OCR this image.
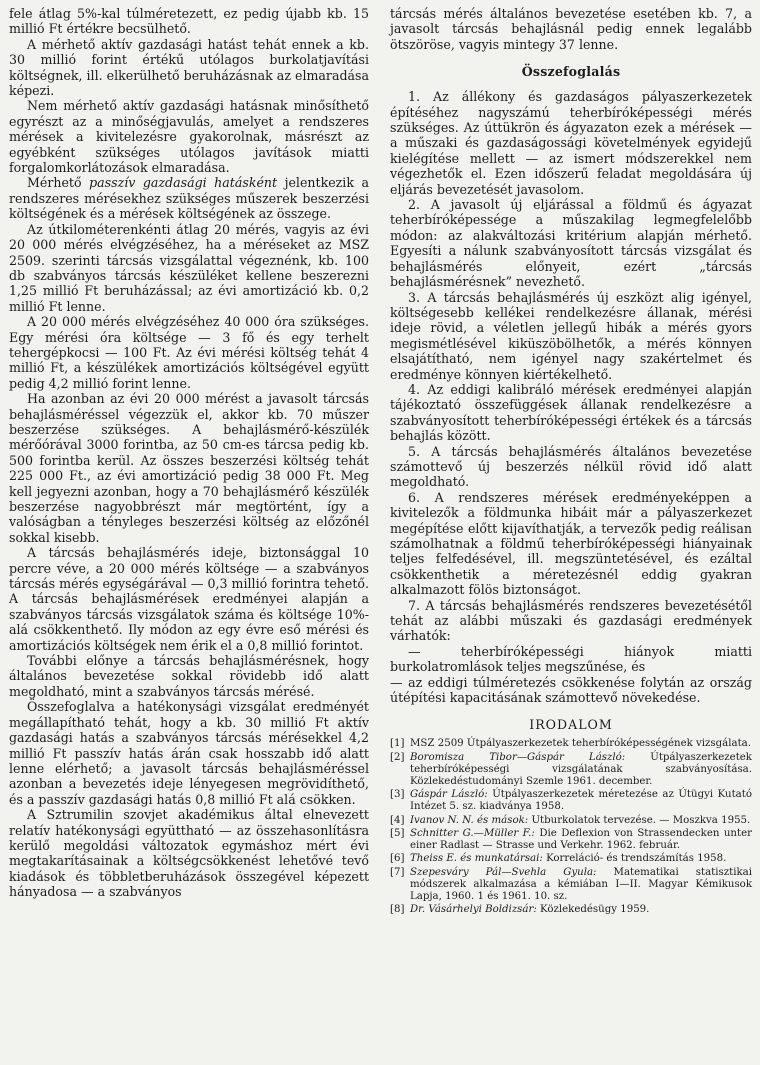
fele átlag 5%-kal túlméretezett, ez pedig újabb kb. 15 millió Ft értékre becsülhető.

A mérhető aktív gazdasági hatást tehát ennek a kb. 30 millió forint értékű utólagos burkolatjavítási költségnek, ill. elkerülhető beruházásnak az elmaradása képezi.

Nem mérhető aktív gazdasági hatásnak minősíthető egyrészt az a minőségjavulás, amelyet a rendszeres mérések a kivitelezésre gyakorolnak, másrészt az egyébként szükséges utólagos javítások miatti forgalomkorlátozások elmaradása.

Mérhető passzív gazdasági hatásként jelentkezik a rendszeres mérésekhez szükséges műszerek beszerzési költségének és a mérések költségének az összege.

Az útkilométerenkénti átlag 20 mérés, vagyis az évi 20 000 mérés elvégzéséhez, ha a méréseket az MSZ 2509. szerinti tárcsás vizsgálattal végeznénk, kb. 100 db szabványos tárcsás készüléket kellene beszerezni 1,25 millió Ft beruházással; az évi amortizáció kb. 0,2 millió Ft lenne.

A 20 000 mérés elvégzéséhez 40 000 óra szükséges. Egy mérési óra költsége — 3 fő és egy terhelt tehergépkocsi — 100 Ft. Az évi mérési költség tehát 4 millió Ft, a készülékek amortizációs költségével együtt pedig 4,2 millió forint lenne.

Ha azonban az évi 20 000 mérést a javasolt tárcsás behajlásméréssel végezzük el, akkor kb. 70 műszer beszerzése szükséges. A behajlásmérő-készülék mérőórával 3000 forintba, az 50 cm-es tárcsa pedig kb. 500 forintba kerül. Az összes beszerzési költség tehát 225 000 Ft., az évi amortizáció pedig 38 000 Ft. Meg kell jegyezni azonban, hogy a 70 behajlásmérő készülék beszerzése nagyobbrészt már megtörtént, így a valóságban a tényleges beszerzési költség az előzőnél sokkal kisebb.

A tárcsás behajlásmérés ideje, biztonsággal 10 percre véve, a 20 000 mérés költsége — a szabványos tárcsás mérés egységárával — 0,3 millió forintra tehető. A tárcsás behajlásmérések eredményei alapján a szabványos tárcsás vizsgálatok száma és költsége 10%-alá csökkenthető. Ily módon az egy évre eső mérési és amortizációs költségek nem érik el a 0,8 millió forintot.

További előnye a tárcsás behajlásmérésnek, hogy általános bevezetése sokkal rövidebb idő alatt megoldható, mint a szabványos tárcsás mérésé.

Összefoglalva a hatékonysági vizsgálat eredményét megállapítható tehát, hogy a kb. 30 millió Ft aktív gazdasági hatás a szabványos tárcsás mérésekkel 4,2 millió Ft passzív hatás árán csak hosszabb idő alatt lenne elérhető; a javasolt tárcsás behajlásméréssel azonban a bevezetés ideje lényegesen megrövidíthető, és a passzív gazdasági hatás 0,8 millió Ft alá csökken.

A Sztrumilin szovjet akadémikus által elnevezett relatív hatékonysági együttható — az összehasonlításra kerülő megoldási változatok egymáshoz mért évi megtakarításainak a költségcsökkenést lehetővé tevő kiadások és többletberuházások összegével képezett hányadosa — a szabványos

tárcsás mérés általános bevezetése esetében kb. 7, a javasolt tárcsás behajlásnál pedig ennek legalább ötszöröse, vagyis mintegy 37 lenne.

Összefoglalás

1. Az állékony és gazdaságos pályaszerkezetek építéséhez nagyszámú teherbíróképességi mérés szükséges. Az úttükrön és ágyazaton ezek a mérések — a műszaki és gazdaságossági követelmények egyidejű kielégítése mellett — az ismert módszerekkel nem végezhetők el. Ezen időszerű feladat megoldására új eljárás bevezetését javasolom.

2. A javasolt új eljárással a földmű és ágyazat teherbíróképessége a műszakilag legmegfelelőbb módon: az alakváltozási kritérium alapján mérhető. Egyesíti a nálunk szabványosított tárcsás vizsgálat és behajlásmérés előnyeit, ezért „tárcsás behajlásmérésnek” nevezhető.

3. A tárcsás behajlásmérés új eszközt alig igényel, költségesebb kellékei rendelkezésre állanak, mérési ideje rövid, a véletlen jellegű hibák a mérés gyors megismétlésével kiküszöbölhetők, a mérés könnyen elsajátítható, nem igényel nagy szakértelmet és eredménye könnyen kiértékelhető.

4. Az eddigi kalibráló mérések eredményei alapján tájékoztató összefüggések állanak rendelkezésre a szabványosított teherbíróképességi értékek és a tárcsás behajlás között.

5. A tárcsás behajlásmérés általános bevezetése számottevő új beszerzés nélkül rövid idő alatt megoldható.

6. A rendszeres mérések eredményeképpen a kivitelezők a földmunka hibáit már a pályaszerkezet megépítése előtt kijavíthatják, a tervezők pedig reálisan számolhatnak a földmű teherbíróképességi hiányainak teljes felfedésével, ill. megszüntetésével, és ezáltal csökkenthetik a méretezésnél eddig gyakran alkalmazott fölös biztonságot.

7. A tárcsás behajlásmérés rendszeres bevezetésétől tehát az alábbi műszaki és gazdasági eredmények várhatók:

— teherbíróképességi hiányok miatti burkolatromlások teljes megszűnése, és

— az eddigi túlméretezés csökkenése folytán az ország útépítési kapacitásának számottevő növekedése.

IRODALOM
[1] MSZ 2509 Útpályaszerkezetek teherbíróképességének vizsgálata.
[2] Boromisza Tibor—Gáspár László: Útpályaszerkezetek teherbíróképességi vizsgálatának szabványosítása. Közlekedéstudományi Szemle 1961. december.
[3] Gáspár László: Útpályaszerkezetek méretezése az Útügyi Kutató Intézet 5. sz. kiadványa 1958.
[4] Ivanov N. N. és mások: Utburkolatok tervezése. — Moszkva 1955.
[5] Schnitter G.—Müller F.: Die Deflexion von Strassendecken unter einer Radlast — Strasse und Verkehr. 1962. február.
[6] Theiss E. és munkatársai: Korreláció- és trendszámítás 1958.
[7] Szepesváry Pál—Svehla Gyula: Matematikai statisztikai módszerek alkalmazása a kémiában I—II. Magyar Kémikusok Lapja, 1960. 1 és 1961. 10. sz.
[8] Dr. Vásárhelyi Boldizsár: Közlekedésügy 1959.
